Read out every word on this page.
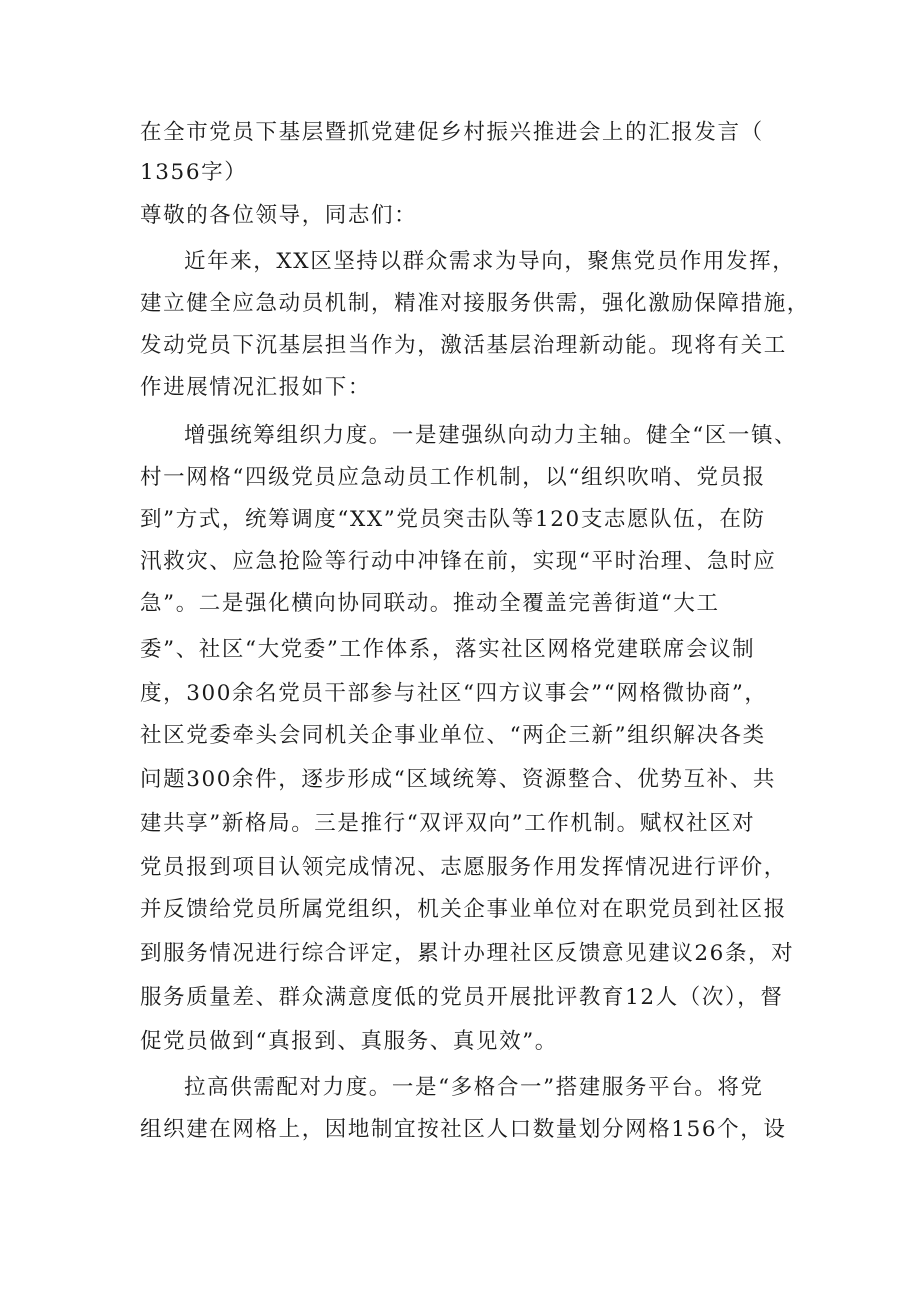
在全市党员下基层暨抓党建促乡村振兴推进会上的汇报发言（
1356字）
尊敬的各位领导，同志们：
近年来，XX区坚持以群众需求为导向，聚焦党员作用发挥，
建立健全应急动员机制，精准对接服务供需，强化激励保障措施，
发动党员下沉基层担当作为，激活基层治理新动能。现将有关工
作进展情况汇报如下：
增强统筹组织力度。一是建强纵向动力主轴。健全“区一镇、
村一网格“四级党员应急动员工作机制，以“组织吹哨、党员报
到”方式，统筹调度“XX”党员突击队等120支志愿队伍，在防
汛救灾、应急抢险等行动中冲锋在前，实现“平时治理、急时应
急”。二是强化横向协同联动。推动全覆盖完善街道“大工
委”、社区“大党委”工作体系，落实社区网格党建联席会议制
度，300余名党员干部参与社区“四方议事会”“网格微协商”，
社区党委牵头会同机关企事业单位、“两企三新”组织解决各类
问题300余件，逐步形成“区域统筹、资源整合、优势互补、共
建共享”新格局。三是推行“双评双向”工作机制。赋权社区对
党员报到项目认领完成情况、志愿服务作用发挥情况进行评价，
并反馈给党员所属党组织，机关企事业单位对在职党员到社区报
到服务情况进行综合评定，累计办理社区反馈意见建议26条，对
服务质量差、群众满意度低的党员开展批评教育12人（次），督
促党员做到“真报到、真服务、真见效”。
拉高供需配对力度。一是“多格合一”搭建服务平台。将党
组织建在网格上，因地制宜按社区人口数量划分网格156个，设
